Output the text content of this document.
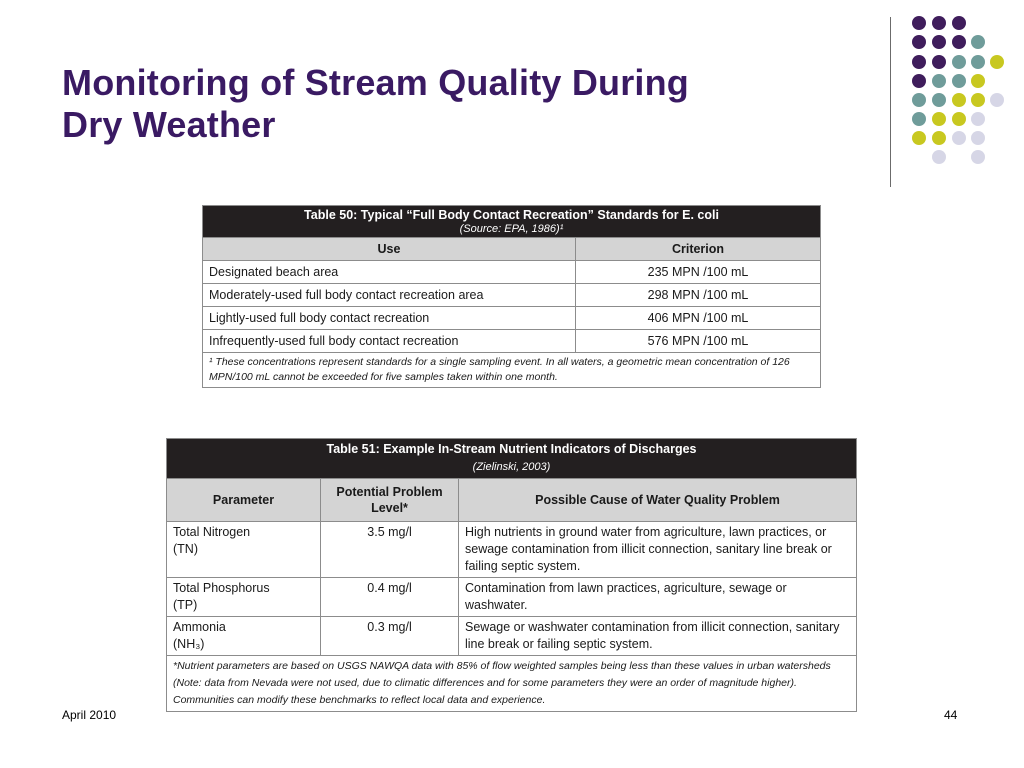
Monitoring of Stream Quality During
Dry Weather
Table 50: Typical “Full Body Contact Recreation” Standards for E. coli
(Source: EPA, 1986)¹	

Use	Criterion
Designated beach area	235 MPN /100 mL
Moderately-used full body contact recreation area	298 MPN /100 mL
Lightly-used full body contact recreation	406 MPN /100 mL
Infrequently-used full body contact recreation	576 MPN /100 mL
¹ These concentrations represent standards for a single sampling event. In all waters, a geometric mean concentration of 126 MPN/100 mL cannot be exceeded for five samples taken within one month.	
Table 51: Example In-Stream Nutrient Indicators of Discharges
(Zielinski, 2003)		

Parameter	Potential Problem Level*	Possible Cause of Water Quality Problem
Total Nitrogen
(TN)	3.5 mg/l	High nutrients in ground water from agriculture, lawn practices, or sewage contamination from illicit connection, sanitary line break or failing septic system.
Total Phosphorus
(TP)	0.4 mg/l	Contamination from lawn practices, agriculture, sewage or washwater.
Ammonia
(NH₃)	0.3 mg/l	Sewage or washwater contamination from illicit connection, sanitary line break or failing septic system.
*Nutrient parameters are based on USGS NAWQA data with 85% of flow weighted samples being less than these values in urban watersheds (Note: data from Nevada were not used, due to climatic differences and for some parameters they were an order of magnitude higher). Communities can modify these benchmarks to reflect local data and experience.		
April 2010	44
